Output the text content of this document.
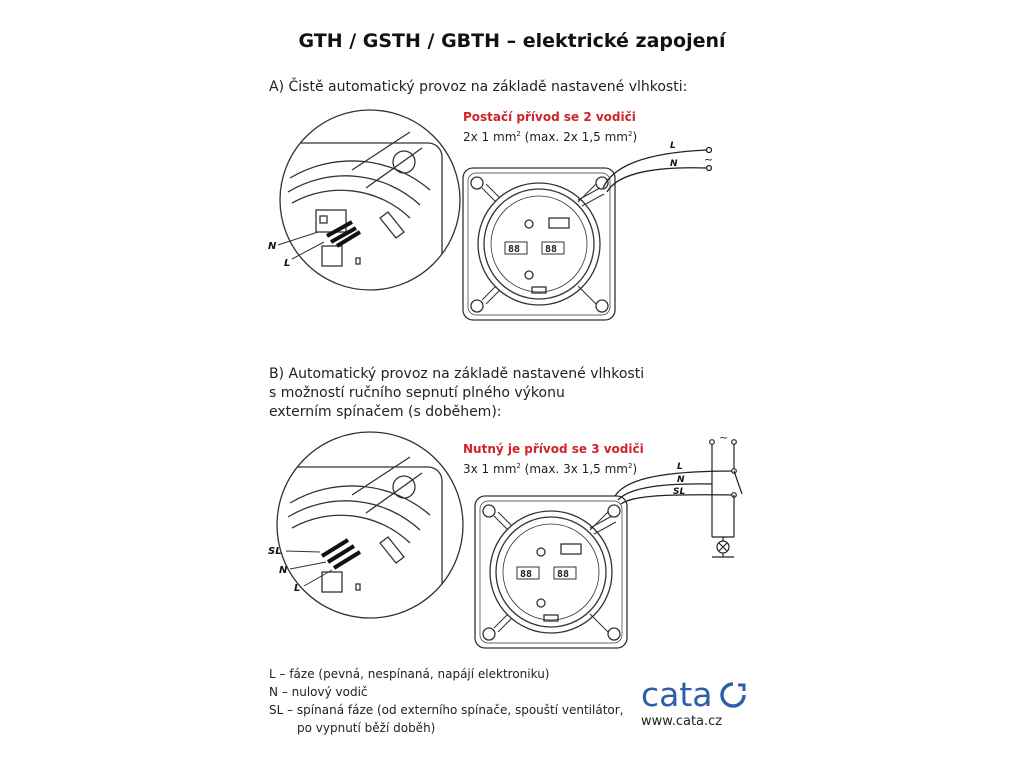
GTH / GSTH / GBTH – elektrické zapojení
A) Čistě automatický provoz na základě nastavené vlhkosti:
Postačí přívod se 2 vodiči
2x 1 $mm^2$ (max. 2x 1,5 $mm^2$)
B) Automatický provoz na základě nastavené vlhkosti
s možností ručního sepnutí plného výkonu
externím spínačem (s doběhem):
Nutný je přívod se 3 vodiči
3x 1 $mm^2$ (max. 3x 1,5 $mm^2$)
N
L
88 88
L
N ~
SL
N
L
88 88
L
N
SL
~
L – fáze (pevná, nespínaná, napájí elektroniku)
N – nulový vodič
SL – spínaná fáze (od externího spínače, spouští ventilátor,
po vypnutí běží doběh)
cata
www.cata.cz
